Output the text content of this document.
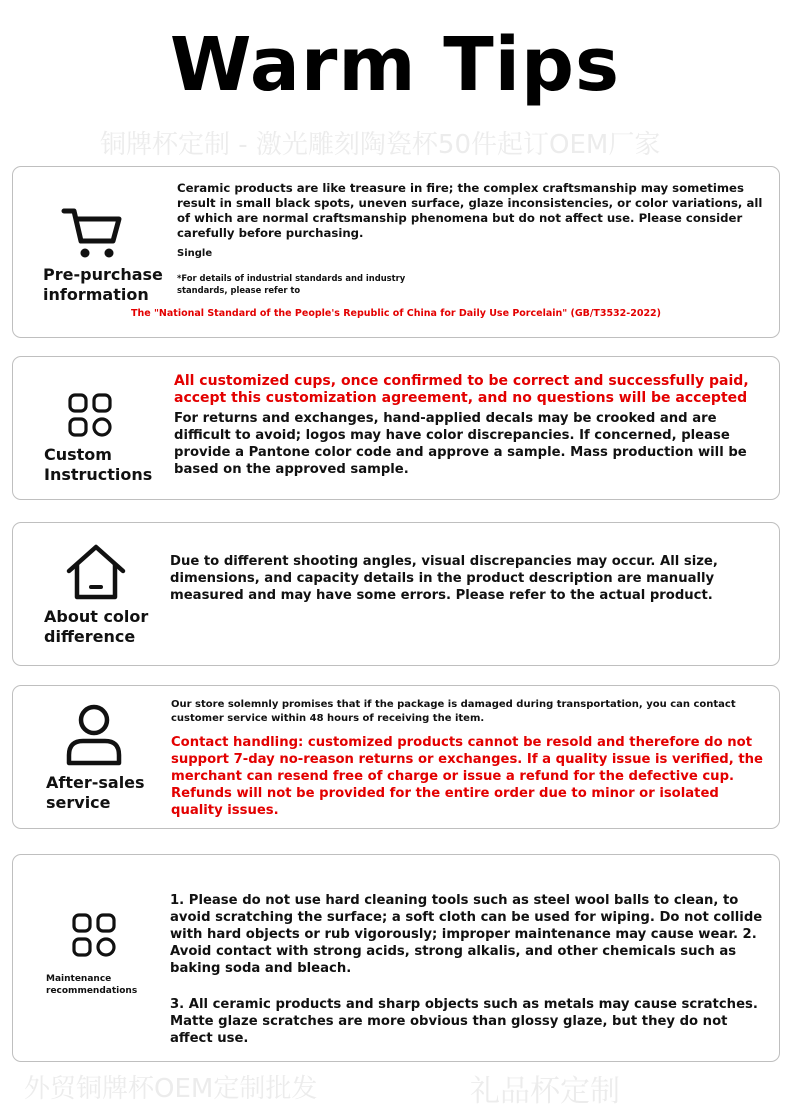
Warm Tips
铜牌杯定制 - 激光雕刻陶瓷杯50件起订OEM厂家
外贸铜牌杯OEM定制批发	礼品杯定制
Pre-purchase information

Ceramic products are like treasure in fire; the complex craftsmanship may sometimes result in small black spots, uneven surface, glaze inconsistencies, or color variations, all of which are normal craftsmanship phenomena but do not affect use. Please consider carefully before purchasing.

Single

*For details of industrial standards and industry standards, please refer to

The "National Standard of the People's Republic of China for Daily Use Porcelain" (GB/T3532-2022)
Custom Instructions

All customized cups, once confirmed to be correct and successfully paid, accept this customization agreement, and no questions will be accepted

For returns and exchanges, hand-applied decals may be crooked and are difficult to avoid; logos may have color discrepancies. If concerned, please provide a Pantone color code and approve a sample. Mass production will be based on the approved sample.

About color difference

Due to different shooting angles, visual discrepancies may occur. All size, dimensions, and capacity details in the product description are manually measured and may have some errors. Please refer to the actual product.

After-sales service

Our store solemnly promises that if the package is damaged during transportation, you can contact customer service within 48 hours of receiving the item.

Contact handling: customized products cannot be resold and therefore do not support 7-day no-reason returns or exchanges. If a quality issue is verified, the merchant can resend free of charge or issue a refund for the defective cup. Refunds will not be provided for the entire order due to minor or isolated quality issues.

Maintenance recommendations

1. Please do not use hard cleaning tools such as steel wool balls to clean, to avoid scratching the surface; a soft cloth can be used for wiping. Do not collide with hard objects or rub vigorously; improper maintenance may cause wear. 2. Avoid contact with strong acids, strong alkalis, and other chemicals such as baking soda and bleach.

3. All ceramic products and sharp objects such as metals may cause scratches. Matte glaze scratches are more obvious than glossy glaze, but they do not affect use.
